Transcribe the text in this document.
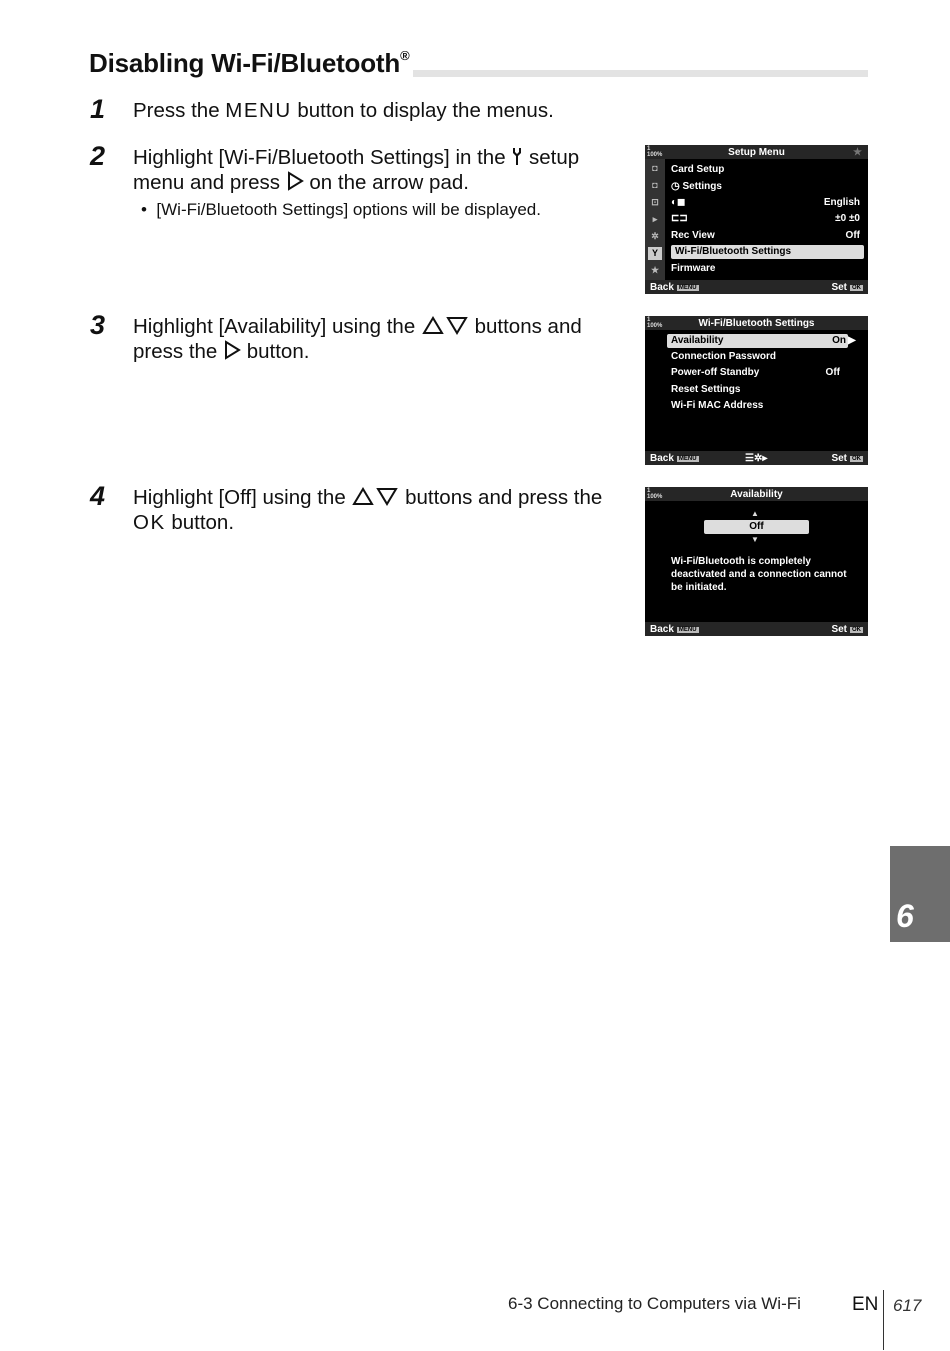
Disabling Wi-Fi/Bluetooth®
1 Press the MENU button to display the menus.
2 Highlight [Wi-Fi/Bluetooth Settings] in the  setup
menu and press  on the arrow pad.
•  [Wi-Fi/Bluetooth Settings] options will be displayed.
3 Highlight [Availability] using the  buttons and
press the  button.
4 Highlight [Off] using the  buttons and press the
OK button.
1
100%	Setup Menu	★
◘
◘
⊡
▸
✲
Y
★
Card Setup
◷ Settings
◐◼	English
⊏⊐	±0 ±0
Rec View	Off
Wi-Fi/Bluetooth Settings
Firmware
Back MENU	Set OK
1
100%	Wi-Fi/Bluetooth Settings
Availability	On ▶
Connection Password
Power-off Standby	Off
Reset Settings
Wi-Fi MAC Address
Back MENU	☰✲▸	Set OK
1
100%	Availability
▲
Off
▼
Wi-Fi/Bluetooth is completely deactivated and a connection cannot be initiated.
Back MENU	Set OK
6
6-3 Connecting to Computers via Wi-Fi	EN 617
